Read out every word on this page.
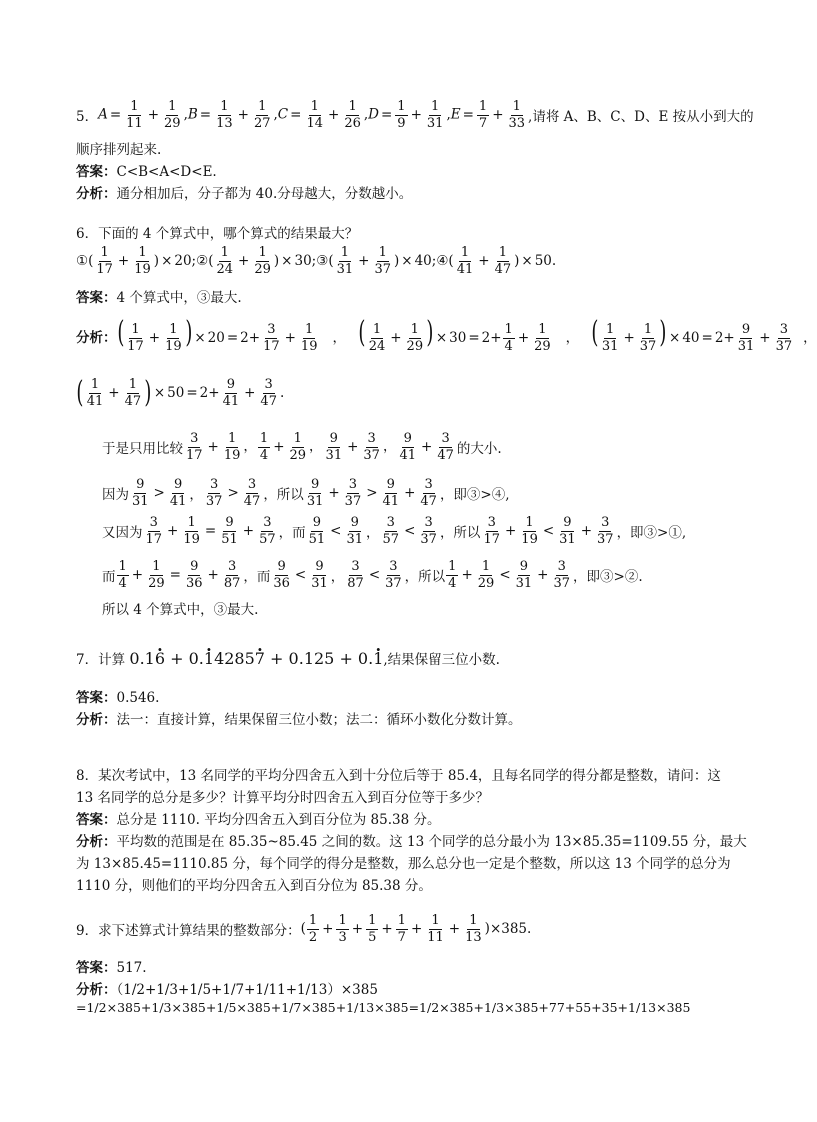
5． $A = \frac{1}{11} + \frac{1}{29} ,B = \frac{1}{13} + \frac{1}{27} ,C = \frac{1}{14} + \frac{1}{26} ,D = \frac{1}{9} + \frac{1}{31} ,E = \frac{1}{7} + \frac{1}{33}$ ,请将 A、B、C、D、E 按从小到大的
顺序排列起来.
答案：C<B<A<D<E.
分析：通分相加后，分子都为 40.分母越大，分数越小。
6．下面的 4 个算式中，哪个算式的结果最大？
①( $\frac{1}{17} + \frac{1}{19}$ ) × 20;②( $\frac{1}{24} + \frac{1}{29}$ ) × 30;③( $\frac{1}{31} + \frac{1}{37}$ ) × 40;④( $\frac{1}{41} + \frac{1}{47}$ ) × 50.
答案：4 个算式中，③最大.
分析： ( $\frac{1}{17} + \frac{1}{19}$ ) × $20 = 2+ \frac{3}{17} + \frac{1}{19}$ ， ( $\frac{1}{24} + \frac{1}{29}$ ) × $30 = 2+ \frac{1}{4} + \frac{1}{29}$ ， ( $\frac{1}{31} + \frac{1}{37}$ ) × $40 = 2+ \frac{9}{31} + \frac{3}{37}$ ，
( $\frac{1}{41} + \frac{1}{47}$ ) × $50 = 2+ \frac{9}{41} + \frac{3}{47}$ .
于是只用比较 $\frac{3}{17} + \frac{1}{19}$ ， $\frac{1}{4} + \frac{1}{29}$ ， $\frac{9}{31} + \frac{3}{37}$ ， $\frac{9}{41} + \frac{3}{47}$ 的大小.
因为 $\frac{9}{31} > \frac{9}{41}$ ， $\frac{3}{37} > \frac{3}{47}$ ，所以 $\frac{9}{31} + \frac{3}{37} > \frac{9}{41} + \frac{3}{47}$ ，即③>④,
又因为 $\frac{3}{17} + \frac{1}{19} = \frac{9}{51} + \frac{3}{57}$ ，而 $\frac{9}{51} < \frac{9}{31}$ ， $\frac{3}{57} < \frac{3}{37}$ ，所以 $\frac{3}{17} + \frac{1}{19} < \frac{9}{31} + \frac{3}{37}$ ，即③>①,
而 $\frac{1}{4} + \frac{1}{29} = \frac{9}{36} + \frac{3}{87}$ ，而 $\frac{9}{36} < \frac{9}{31}$ ， $\frac{3}{87} < \frac{3}{37}$ ，所以 $\frac{1}{4} + \frac{1}{29} < \frac{9}{31} + \frac{3}{37}$ ，即③>②.
所以 4 个算式中，③最大.
7．计算 0.16 · + 0.1 ·42857 · + 0.125 + 0.1 ·,结果保留三位小数.
答案：0.546.
分析：法一：直接计算，结果保留三位小数；法二：循环小数化分数计算。
8．某次考试中，13 名同学的平均分四舍五入到十分位后等于 85.4，且每名同学的得分都是整数，请问：这
13 名同学的总分是多少？计算平均分时四舍五入到百分位等于多少？
答案：总分是 1110. 平均分四舍五入到百分位为 85.38 分。
分析：平均数的范围是在 85.35~85.45 之间的数。这 13 个同学的总分最小为 13×85.35=1109.55 分，最大
为 13×85.45=1110.85 分，每个同学的得分是整数，那么总分也一定是个整数，所以这 13 个同学的总分为
1110 分，则他们的平均分四舍五入到百分位为 85.38 分。
9．求下述算式计算结果的整数部分： ( $\frac{1}{2} + \frac{1}{3} + \frac{1}{5} + \frac{1}{7} + \frac{1}{11} + \frac{1}{13}$ ) ×385.
答案：517.
分析：（1/2+1/3+1/5+1/7+1/11+1/13）×385
=1/2×385+1/3×385+1/5×385+1/7×385+1/13×385=1/2×385+1/3×385+77+55+35+1/13×385
